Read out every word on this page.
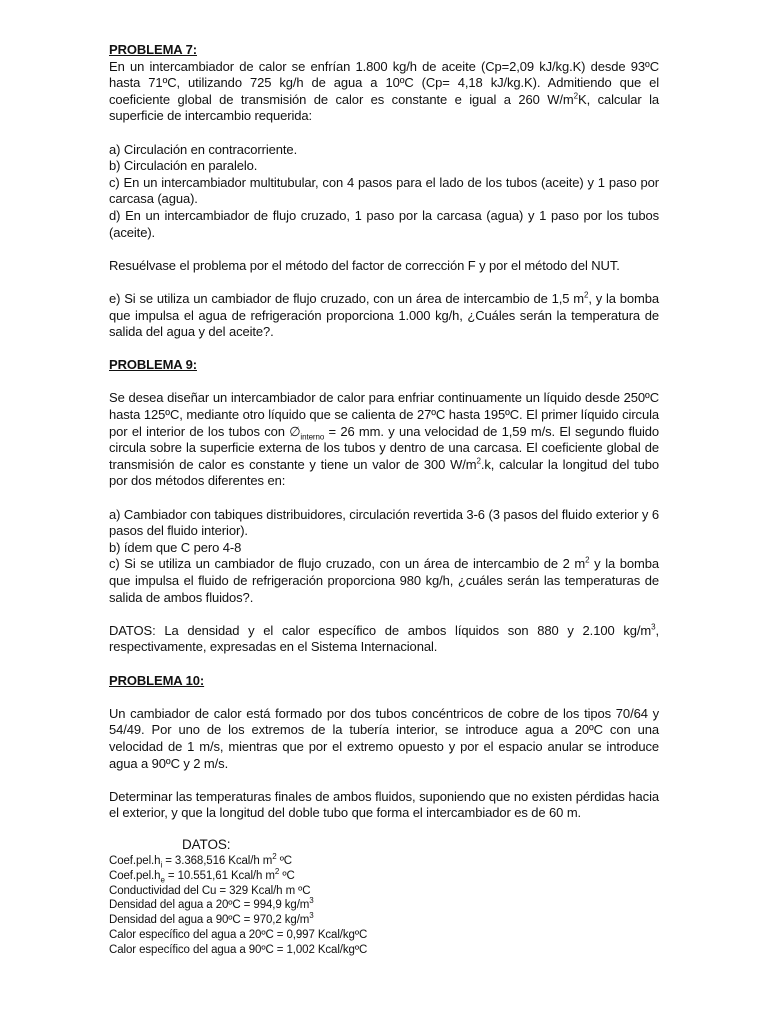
PROBLEMA 7:

En un intercambiador de calor se enfrían 1.800 kg/h de aceite (Cp=2,09 kJ/kg.K) desde 93ºC hasta 71ºC, utilizando 725 kg/h de agua a 10ºC (Cp= 4,18 kJ/kg.K). Admitiendo que el coeficiente global de transmisión de calor es constante e igual a 260 $W/m^2K$, calcular la superficie de intercambio requerida:

a) Circulación en contracorriente.

b) Circulación en paralelo.

c) En un intercambiador multitubular, con 4 pasos para el lado de los tubos (aceite) y 1 paso por carcasa (agua).

d) En un intercambiador de flujo cruzado, 1 paso por la carcasa (agua) y 1 paso por los tubos (aceite).

Resuélvase el problema por el método del factor de corrección F y por el método del NUT.

e) Si se utiliza un cambiador de flujo cruzado, con un área de intercambio de 1,5 $m^2$, y la bomba que impulsa el agua de refrigeración proporciona 1.000 kg/h, ¿Cuáles serán la temperatura de salida del agua y del aceite?.

PROBLEMA 9:

Se desea diseñar un intercambiador de calor para enfriar continuamente un líquido desde 250ºC hasta 125ºC, mediante otro líquido que se calienta de 27ºC hasta 195ºC. El primer líquido circula por el interior de los tubos con $\emptyset_{interno} = 26$ mm. y una velocidad de 1,59 m/s. El segundo fluido circula sobre la superficie externa de los tubos y dentro de una carcasa. El coeficiente global de transmisión de calor es constante y tiene un valor de 300 $W/m^2.k$, calcular la longitud del tubo por dos métodos diferentes en:

a) Cambiador con tabiques distribuidores, circulación revertida 3-6 (3 pasos del fluido exterior y 6 pasos del fluido interior).

b) ídem que C pero 4-8

c) Si se utiliza un cambiador de flujo cruzado, con un área de intercambio de 2 $m^2$ y la bomba que impulsa el fluido de refrigeración proporciona 980 kg/h, ¿cuáles serán las temperaturas de salida de ambos fluidos?.

DATOS: La densidad y el calor específico de ambos líquidos son 880 y 2.100 $kg/m^3$, respectivamente, expresadas en el Sistema Internacional.

PROBLEMA 10:

Un cambiador de calor está formado por dos tubos concéntricos de cobre de los tipos 70/64 y 54/49. Por uno de los extremos de la tubería interior, se introduce agua a 20ºC con una velocidad de 1 m/s, mientras que por el extremo opuesto y por el espacio anular se introduce agua a 90ºC y 2 m/s.

Determinar las temperaturas finales de ambos fluidos, suponiendo que no existen pérdidas hacia el exterior, y que la longitud del doble tubo que forma el intercambiador es de 60 m.

DATOS:
$Coef.pel.h_i = 3.368,516$ Kcal/h $m^2$ ºC
$Coef.pel.h_e = 10.551,61$ Kcal/h $m^2$ ºC
Conductividad del Cu = 329 Kcal/h m ºC
Densidad del agua a 20ºC = 994,9 $kg/m^3$
Densidad del agua a 90ºC = 970,2 $kg/m^3$
Calor específico del agua a 20ºC = 0,997 Kcal/kgºC
Calor específico del agua a 90ºC = 1,002 Kcal/kgºC
